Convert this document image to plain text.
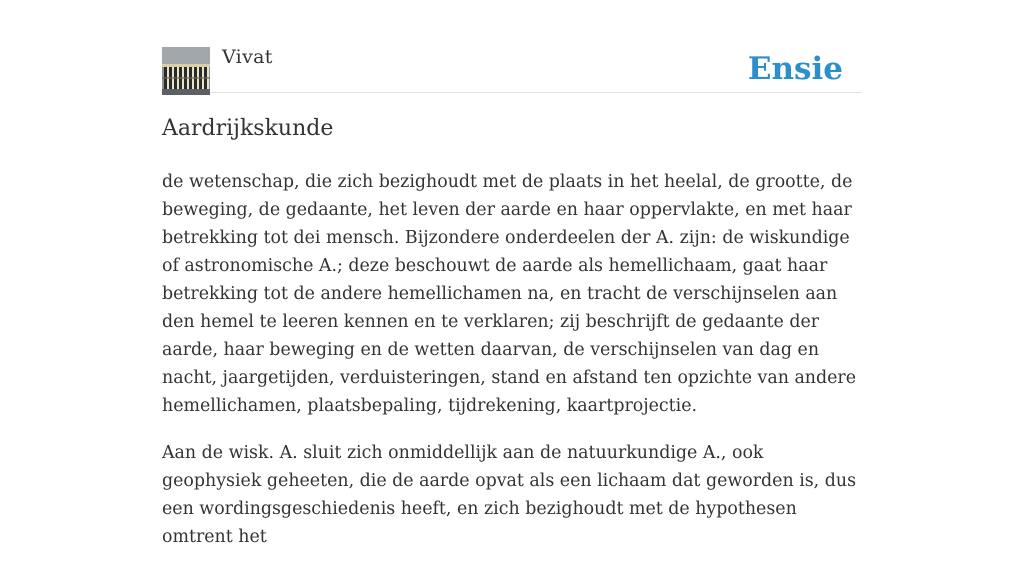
Vivat	Ensie
Aardrijkskunde

de wetenschap, die zich bezighoudt met de plaats in het heelal, de grootte, de beweging, de gedaante, het leven der aarde en haar oppervlakte, en met haar betrekking tot dei mensch. Bijzondere onderdeelen der A. zijn: de wiskundige of astronomische A.; deze beschouwt de aarde als hemellichaam, gaat haar betrekking tot de andere hemellichamen na, en tracht de verschijnselen aan den hemel te leeren kennen en te verklaren; zij beschrijft de gedaante der aarde, haar beweging en de wetten daarvan, de verschijnselen van dag en nacht, jaargetijden, verduisteringen, stand en afstand ten opzichte van andere hemellichamen, plaatsbepaling, tijdrekening, kaartprojectie.

Aan de wisk. A. sluit zich onmiddellijk aan de natuurkundige A., ook geophysiek geheeten, die de aarde opvat als een lichaam dat geworden is, dus een wordingsgeschiedenis heeft, en zich bezighoudt met de hypothesen omtrent het
